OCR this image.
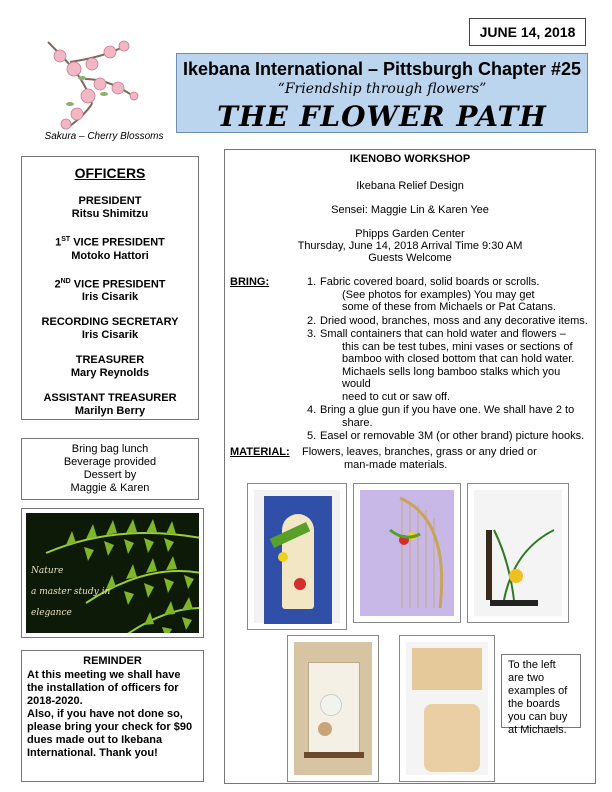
JUNE 14, 2018
Sakura – Cherry Blossoms
Ikebana International – Pittsburgh Chapter #25
“Friendship through flowers”
THE FLOWER PATH
OFFICERS
PRESIDENT
Ritsu Shimitzu
1ST VICE PRESIDENT
Motoko Hattori
2ND VICE PRESIDENT
Iris Cisarik
RECORDING SECRETARY
Iris Cisarik
TREASURER
Mary Reynolds
ASSISTANT TREASURER
Marilyn Berry
Bring bag lunch
Beverage provided
Dessert by
Maggie & Karen
Nature
a master study in
elegance
REMINDER
At this meeting we shall have the installation of officers for 2018-2020.
Also, if you have not done so, please bring your check for $90 dues made out to Ikebana International. Thank you!
IKENOBO WORKSHOP
Ikebana Relief Design
Sensei: Maggie Lin & Karen Yee
Phipps Garden Center
Thursday, June 14, 2018 Arrival Time 9:30 AM
Guests Welcome
BRING:	1. Fabric covered board, solid boards or scrolls.
(See photos for examples) You may get
some of these from Michaels or Pat Catans.
2. Dried wood, branches, moss and any decorative items.
3. Small containers that can hold water and flowers –
this can be test tubes, mini vases or sections of
bamboo with closed bottom that can hold water.
Michaels sells long bamboo stalks which you would
need to cut or saw off.
4. Bring a glue gun if you have one. We shall have 2 to
share.
5. Easel or removable 3M (or other brand) picture hooks.
MATERIAL: Flowers, leaves, branches, grass or any dried or
man-made materials.
To the left are two examples of the boards you can buy at Michaels.
